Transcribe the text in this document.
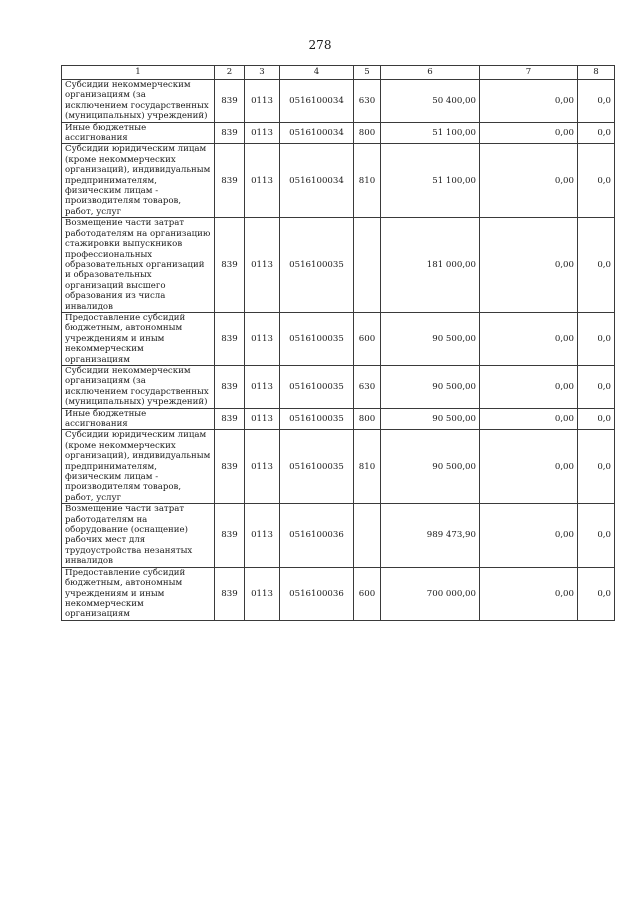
278
1	2	3	4	5	6	7	8
Субсидии некоммерческим организациям (за исключением государственных (муниципальных) учреждений)	839	0113	0516100034	630	50 400,00	0,00	0,0
Иные бюджетные ассигнования	839	0113	0516100034	800	51 100,00	0,00	0,0
Субсидии юридическим лицам (кроме некоммерческих организаций), индивидуальным предпринимателям, физическим лицам - производителям товаров, работ, услуг	839	0113	0516100034	810	51 100,00	0,00	0,0
Возмещение части затрат работодателям на организацию стажировки выпускников профессиональных образовательных организаций и образовательных организаций высшего образования из числа инвалидов	839	0113	0516100035		181 000,00	0,00	0,0
Предоставление субсидий бюджетным, автономным учреждениям и иным некоммерческим организациям	839	0113	0516100035	600	90 500,00	0,00	0,0
Субсидии некоммерческим организациям (за исключением государственных (муниципальных) учреждений)	839	0113	0516100035	630	90 500,00	0,00	0,0
Иные бюджетные ассигнования	839	0113	0516100035	800	90 500,00	0,00	0,0
Субсидии юридическим лицам (кроме некоммерческих организаций), индивидуальным предпринимателям, физическим лицам - производителям товаров, работ, услуг	839	0113	0516100035	810	90 500,00	0,00	0,0
Возмещение части затрат работодателям на оборудование (оснащение) рабочих мест для трудоустройства незанятых инвалидов	839	0113	0516100036		989 473,90	0,00	0,0
Предоставление субсидий бюджетным, автономным учреждениям и иным некоммерческим организациям	839	0113	0516100036	600	700 000,00	0,00	0,0
